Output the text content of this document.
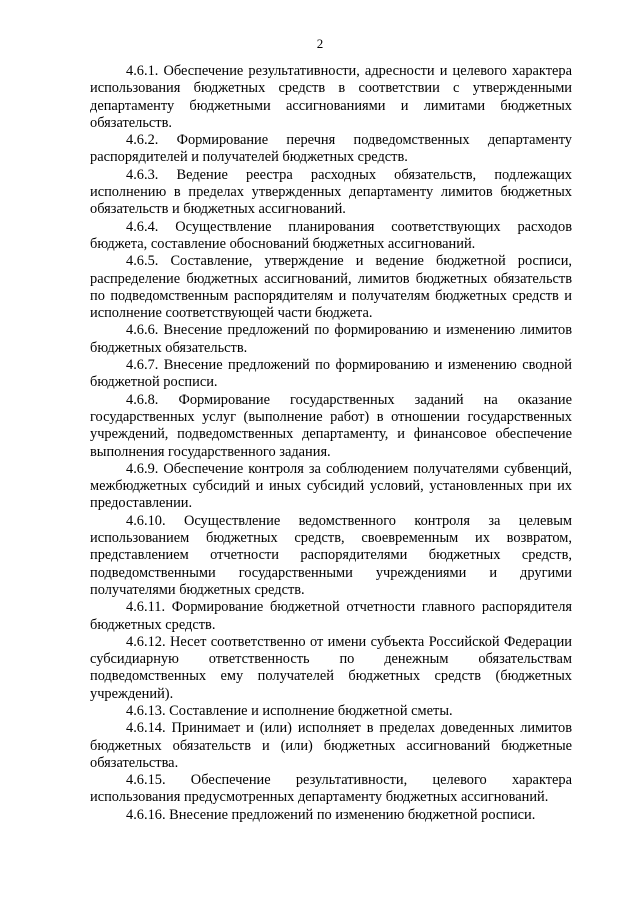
2

4.6.1. Обеспечение результативности, адресности и целевого характера использования бюджетных средств в соответствии с утвержденными департаменту бюджетными ассигнованиями и лимитами бюджетных обязательств.

4.6.2. Формирование перечня подведомственных департаменту распорядителей и получателей бюджетных средств.

4.6.3. Ведение реестра расходных обязательств, подлежащих исполнению в пределах утвержденных департаменту лимитов бюджетных обязательств и бюджетных ассигнований.

4.6.4. Осуществление планирования соответствующих расходов бюджета, составление обоснований бюджетных ассигнований.

4.6.5. Составление, утверждение и ведение бюджетной росписи, распределение бюджетных ассигнований, лимитов бюджетных обязательств по подведомственным распорядителям и получателям бюджетных средств и исполнение соответствующей части бюджета.

4.6.6. Внесение предложений по формированию и изменению лимитов бюджетных обязательств.

4.6.7. Внесение предложений по формированию и изменению сводной бюджетной росписи.

4.6.8. Формирование государственных заданий на оказание государственных услуг (выполнение работ) в отношении государственных учреждений, подведомственных департаменту, и финансовое обеспечение выполнения государственного задания.

4.6.9. Обеспечение контроля за соблюдением получателями субвенций, межбюджетных субсидий и иных субсидий условий, установленных при их предоставлении.

4.6.10. Осуществление ведомственного контроля за целевым использованием бюджетных средств, своевременным их возвратом, представлением отчетности распорядителями бюджетных средств, подведомственными государственными учреждениями и другими получателями бюджетных средств.

4.6.11. Формирование бюджетной отчетности главного распорядителя бюджетных средств.

4.6.12. Несет соответственно от имени субъекта Российской Федерации субсидиарную ответственность по денежным обязательствам подведомственных ему получателей бюджетных средств (бюджетных учреждений).

4.6.13. Составление и исполнение бюджетной сметы.

4.6.14. Принимает и (или) исполняет в пределах доведенных лимитов бюджетных обязательств и (или) бюджетных ассигнований бюджетные обязательства.

4.6.15. Обеспечение результативности, целевого характера использования предусмотренных департаменту бюджетных ассигнований.

4.6.16. Внесение предложений по изменению бюджетной росписи.
